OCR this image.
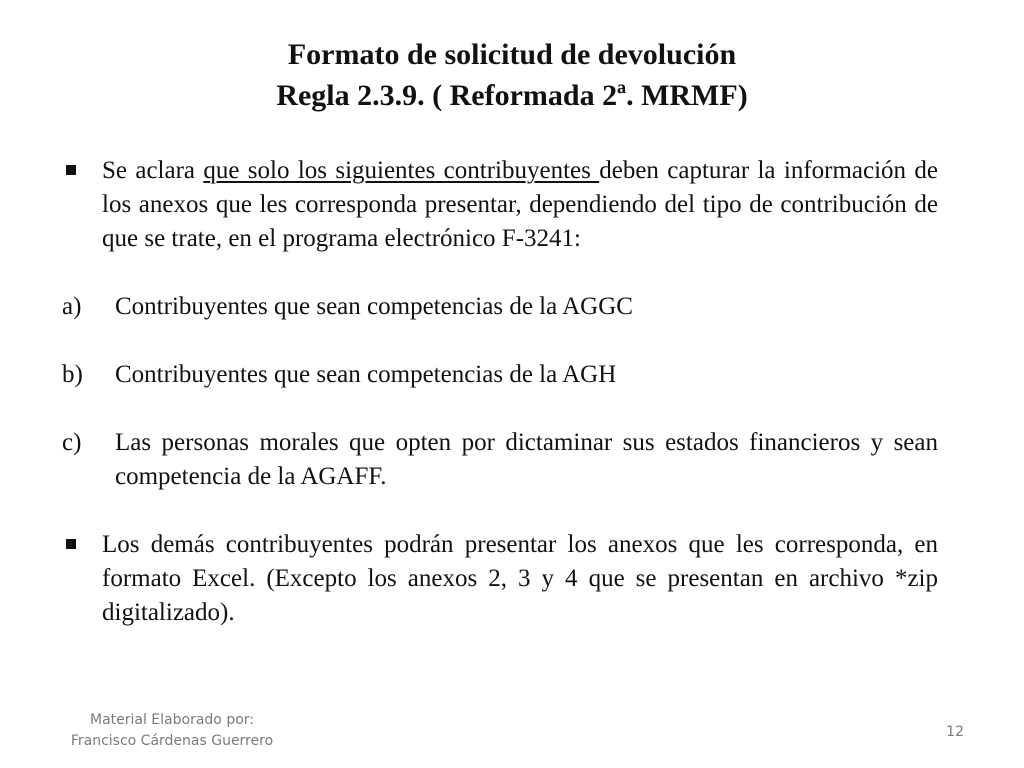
Formato de solicitud de devolución
Regla 2.3.9. ( Reformada 2ª. MRMF)
Se aclara que solo los siguientes contribuyentes deben capturar la información de los anexos que les corresponda presentar, dependiendo del tipo de contribución de que se trate, en el programa electrónico F-3241:
a) Contribuyentes que sean competencias de la AGGC
b) Contribuyentes que sean competencias de la AGH
c) Las personas morales que opten por dictaminar sus estados financieros y sean competencia de la AGAFF.
Los demás contribuyentes podrán presentar los anexos que les corresponda, en formato Excel. (Excepto los anexos 2, 3 y 4 que se presentan en archivo *zip digitalizado).
Material Elaborado por:
Francisco Cárdenas Guerrero
12
